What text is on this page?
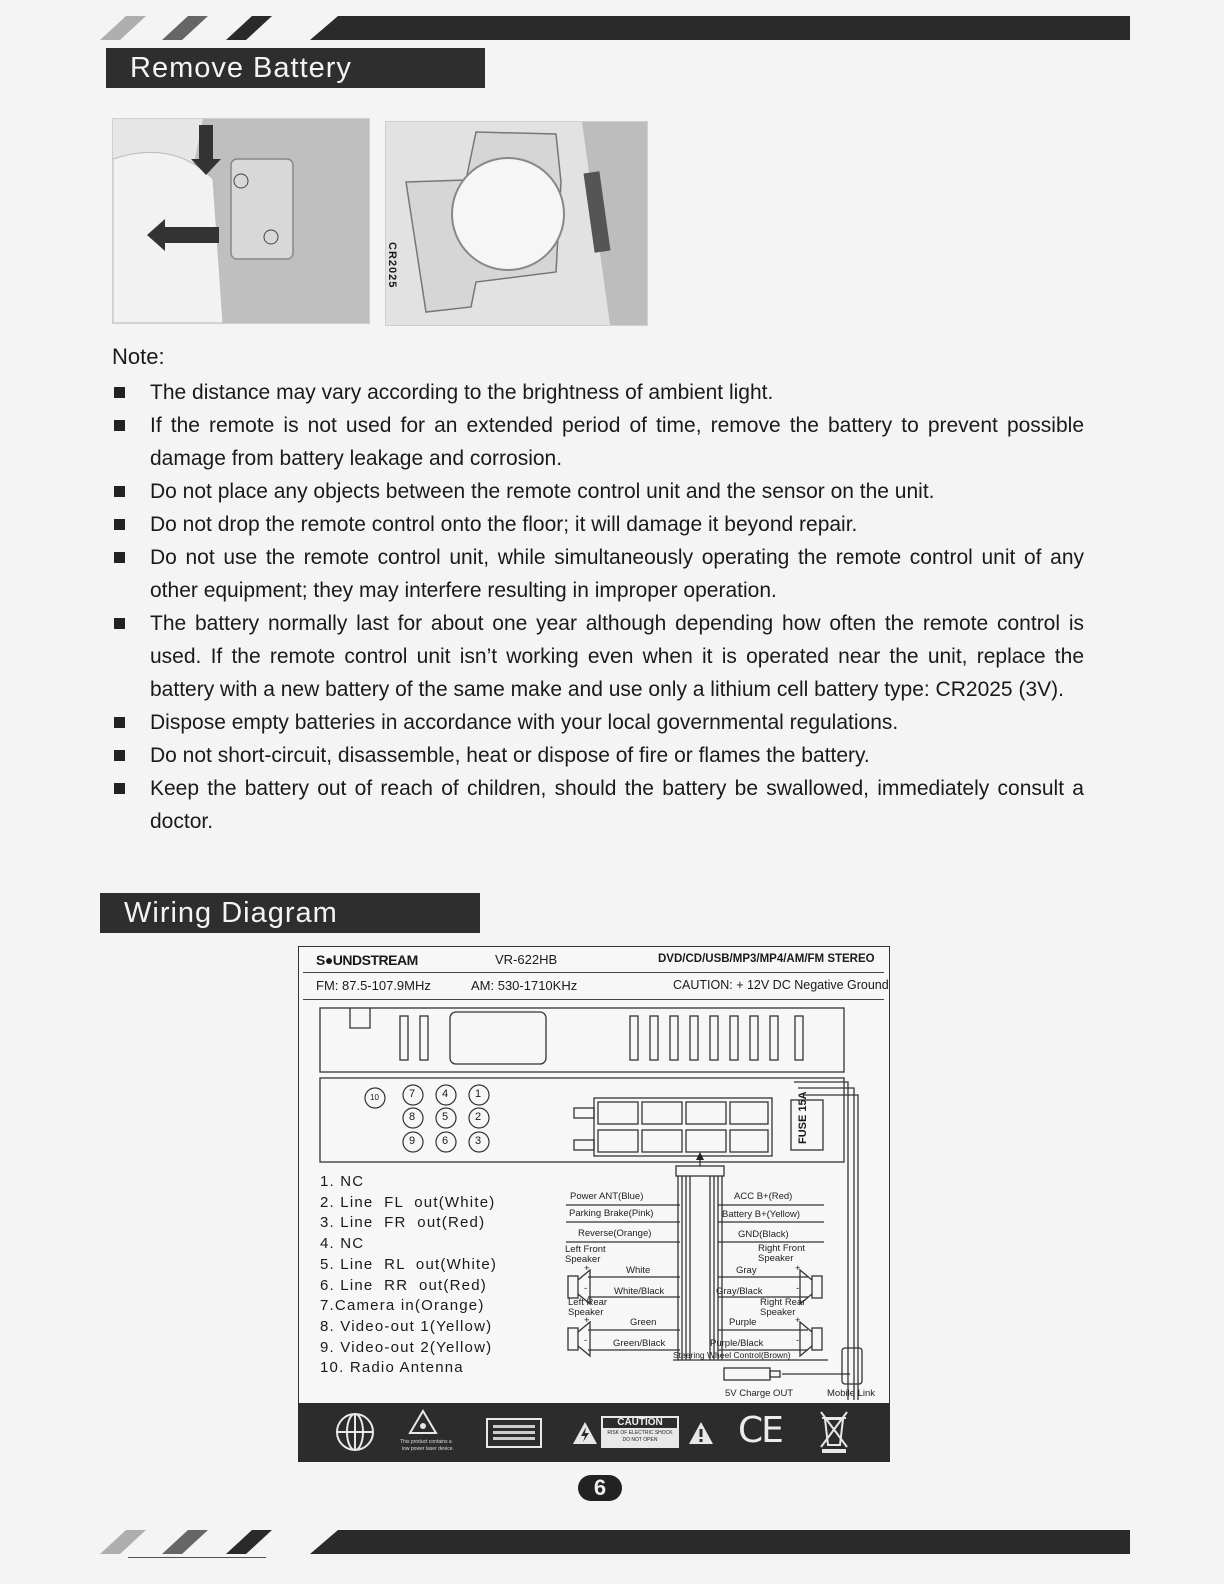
Remove Battery
CR2025
Note:
The distance may vary according to the brightness of ambient light.
If the remote is not used for an extended period of time, remove the battery to prevent possible damage from battery leakage and corrosion.
Do not place any objects between the remote control unit and the sensor on the unit.
Do not drop the remote control onto the floor; it will damage it beyond repair.
Do not use the remote control unit, while simultaneously operating the remote control unit of any other equipment; they may interfere resulting in improper operation.
The battery normally last for about one year although depending how often the remote control is used. If the remote control unit isn’t working even when it is operated near the unit, replace the battery with a new battery of the same make and use only a lithium cell battery type: CR2025 (3V).
Dispose empty batteries in accordance with your local governmental regulations.
Do not short-circuit, disassemble, heat or dispose of fire or flames the battery.
Keep the battery out of reach of children, should the battery be swallowed, immediately consult a doctor.
Wiring Diagram
S●UNDSTREAM	VR-622HB	DVD/CD/USB/MP3/MP4/AM/FM STEREO
FM: 87.5-107.9MHz	AM: 530-1710KHz	CAUTION: + 12V DC Negative Ground
10	7 4 1
8 5 2
9 6 3	FUSE 15A
1. NC
2. Line  FL  out(White)
3. Line  FR  out(Red)
4. NC
5. Line  RL  out(White)
6. Line  RR  out(Red)
7.Camera in(Orange)
8. Video-out 1(Yellow)
9. Video-out 2(Yellow)
10. Radio Antenna
Power ANT(Blue)
Parking Brake(Pink)
Reverse(Orange)
ACC B+(Red)
Battery B+(Yellow)
GND(Black)
Left Front
Speaker
Right Front
Speaker
White	Gray
+	+
White/Black	Gray/Black
-	-
Left Rear
Speaker
Right Rear
Speaker
Green	Purple
+	+
Green/Black	Purple/Black
-	-
Steering Wheel Control(Brown)
5V Charge OUT	Mobile Link
This product contains a
low power laser device.
CAUTION
RISK OF ELECTRIC SHOCK
DO NOT OPEN	CE
6
